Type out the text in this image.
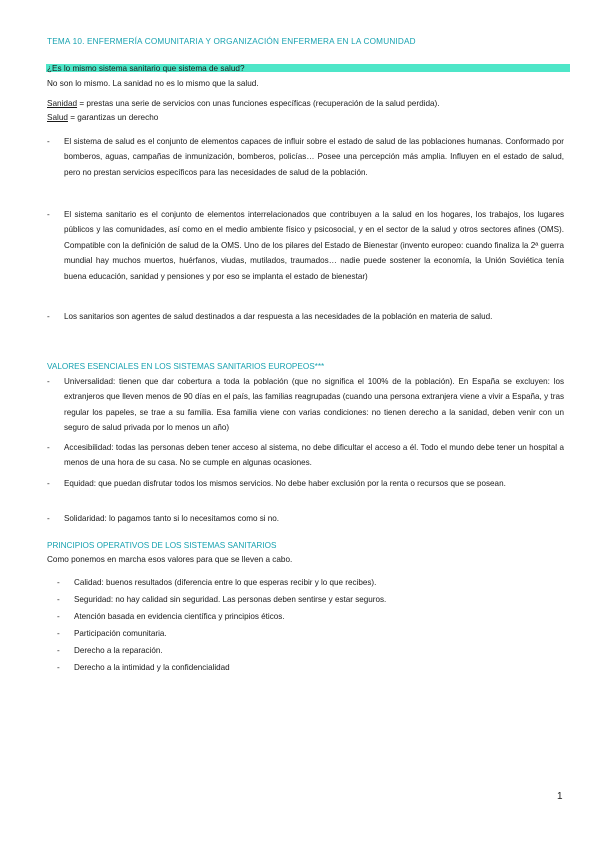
TEMA 10. ENFERMERÍA COMUNITARIA Y ORGANIZACIÓN ENFERMERA EN LA COMUNIDAD
¿Es lo mismo sistema sanitario que sistema de salud?
No son lo mismo. La sanidad no es lo mismo que la salud.
Sanidad = prestas una serie de servicios con unas funciones específicas (recuperación de la salud perdida).
Salud = garantizas un derecho
- El sistema de salud es el conjunto de elementos capaces de influir sobre el estado de salud de las poblaciones humanas. Conformado por bomberos, aguas, campañas de inmunización, bomberos, policías… Posee una percepción más amplia. Influyen en el estado de salud, pero no prestan servicios específicos para las necesidades de salud de la población.
- El sistema sanitario es el conjunto de elementos interrelacionados que contribuyen a la salud en los hogares, los trabajos, los lugares públicos y las comunidades, así como en el medio ambiente físico y psicosocial, y en el sector de la salud y otros sectores afines (OMS). Compatible con la definición de salud de la OMS. Uno de los pilares del Estado de Bienestar (invento europeo: cuando finaliza la 2ª guerra mundial hay muchos muertos, huérfanos, viudas, mutilados, traumados… nadie puede sostener la economía, la Unión Soviética tenía buena educación, sanidad y pensiones y por eso se implanta el estado de bienestar)
- Los sanitarios son agentes de salud destinados a dar respuesta a las necesidades de la población en materia de salud.
VALORES ESENCIALES EN LOS SISTEMAS SANITARIOS EUROPEOS***
- Universalidad: tienen que dar cobertura a toda la población (que no significa el 100% de la población). En España se excluyen: los extranjeros que lleven menos de 90 días en el país, las familias reagrupadas (cuando una persona extranjera viene a vivir a España, y tras regular los papeles, se trae a su familia. Esa familia viene con varias condiciones: no tienen derecho a la sanidad, deben venir con un seguro de salud privada por lo menos un año)
- Accesibilidad: todas las personas deben tener acceso al sistema, no debe dificultar el acceso a él. Todo el mundo debe tener un hospital a menos de una hora de su casa. No se cumple en algunas ocasiones.
- Equidad: que puedan disfrutar todos los mismos servicios. No debe haber exclusión por la renta o recursos que se posean.
- Solidaridad: lo pagamos tanto si lo necesitamos como si no.
PRINCIPIOS OPERATIVOS DE LOS SISTEMAS SANITARIOS
Como ponemos en marcha esos valores para que se lleven a cabo.
- Calidad: buenos resultados (diferencia entre lo que esperas recibir y lo que recibes).
- Seguridad: no hay calidad sin seguridad. Las personas deben sentirse y estar seguros.
- Atención basada en evidencia científica y principios éticos.
- Participación comunitaria.
- Derecho a la reparación.
- Derecho a la intimidad y la confidencialidad
1
